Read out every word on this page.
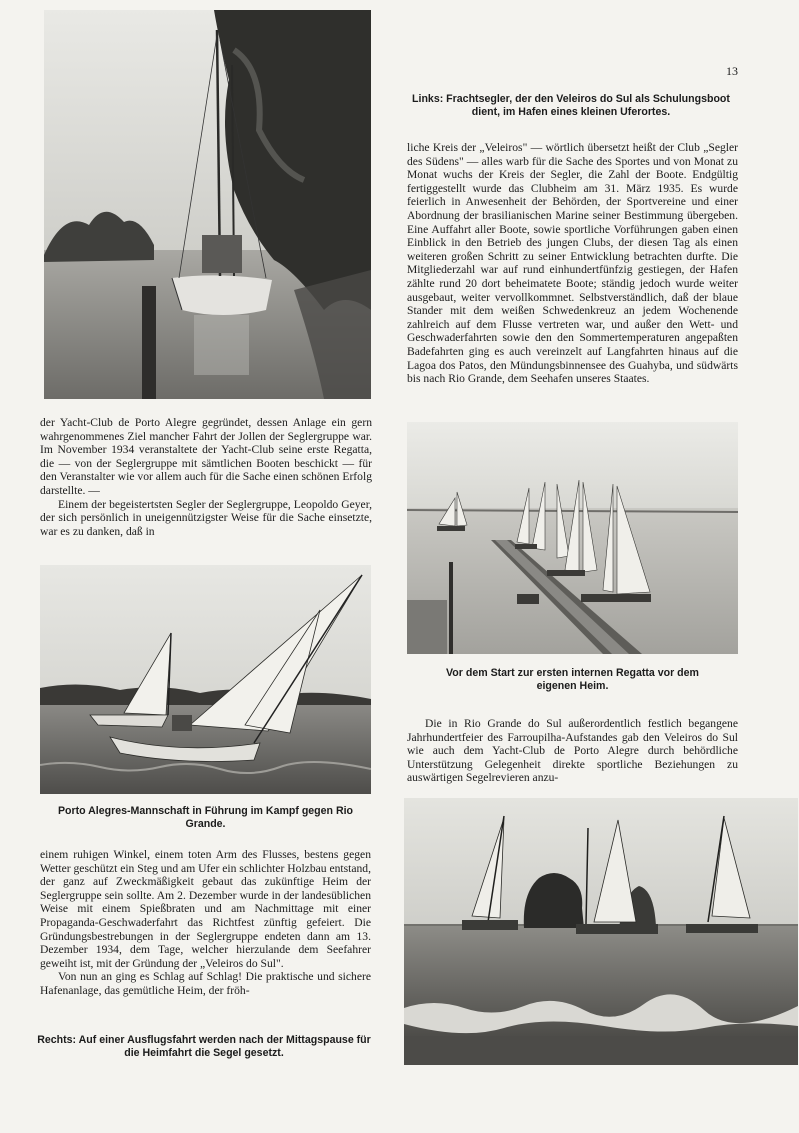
13
Links: Frachtsegler, der den Veleiros do Sul als Schulungsboot dient, im Hafen eines kleinen Uferortes.

liche Kreis der „Veleiros" — wörtlich übersetzt heißt der Club „Segler des Südens" — alles warb für die Sache des Sportes und von Monat zu Monat wuchs der Kreis der Segler, die Zahl der Boote. Endgültig fertiggestellt wurde das Clubheim am 31. März 1935. Es wurde feierlich in Anwesenheit der Behörden, der Sportvereine und einer Abordnung der brasilianischen Marine seiner Bestimmung übergeben. Eine Auffahrt aller Boote, sowie sportliche Vorführungen gaben einen Einblick in den Betrieb des jungen Clubs, der diesen Tag als einen weiteren großen Schritt zu seiner Entwicklung betrachten durfte. Die Mitgliederzahl war auf rund einhundertfünfzig gestiegen, der Hafen zählte rund 20 dort beheimatete Boote; ständig jedoch wurde weiter ausgebaut, weiter vervollkommnet. Selbstverständlich, daß der blaue Stander mit dem weißen Schwedenkreuz an jedem Wochenende zahlreich auf dem Flusse vertreten war, und außer den Wett- und Geschwaderfahrten sowie den den Sommertemperaturen angepaßten Badefahrten ging es auch vereinzelt auf Langfahrten hinaus auf die Lagoa dos Patos, den Mündungsbinnensee des Guahyba, und südwärts bis nach Rio Grande, dem Seehafen unseres Staates.

der Yacht-Club de Porto Alegre gegründet, dessen Anlage ein gern wahrgenommenes Ziel mancher Fahrt der Jollen der Seglergruppe war. Im November 1934 veranstaltete der Yacht-Club seine erste Regatta, die — von der Seglergruppe mit sämtlichen Booten beschickt — für den Veranstalter wie vor allem auch für die Sache einen schönen Erfolg darstellte. —

Einem der begeistertsten Segler der Seglergruppe, Leopoldo Geyer, der sich persönlich in uneigennützigster Weise für die Sache einsetzte, war es zu danken, daß in

Vor dem Start zur ersten internen Regatta vor dem eigenen Heim.

Die in Rio Grande do Sul außerordentlich festlich begangene Jahrhundertfeier des Farroupilha-Aufstandes gab den Veleiros do Sul wie auch dem Yacht-Club de Porto Alegre durch behördliche Unterstützung Gelegenheit direkte sportliche Beziehungen zu auswärtigen Segelrevieren anzu-

Porto Alegres-Mannschaft in Führung im Kampf gegen Rio Grande.

einem ruhigen Winkel, einem toten Arm des Flusses, bestens gegen Wetter geschützt ein Steg und am Ufer ein schlichter Holzbau entstand, der ganz auf Zweckmäßigkeit gebaut das zukünftige Heim der Seglergruppe sein sollte. Am 2. Dezember wurde in der landesüblichen Weise mit einem Spießbraten und am Nachmittage mit einer Propaganda-Geschwaderfahrt das Richtfest zünftig gefeiert. Die Gründungsbestrebungen in der Seglergruppe endeten dann am 13. Dezember 1934, dem Tage, welcher hierzulande dem Seefahrer geweiht ist, mit der Gründung der „Veleiros do Sul".

Von nun an ging es Schlag auf Schlag! Die praktische und sichere Hafenanlage, das gemütliche Heim, der fröh-

Rechts: Auf einer Ausflugsfahrt werden nach der Mittagspause für die Heimfahrt die Segel gesetzt.
